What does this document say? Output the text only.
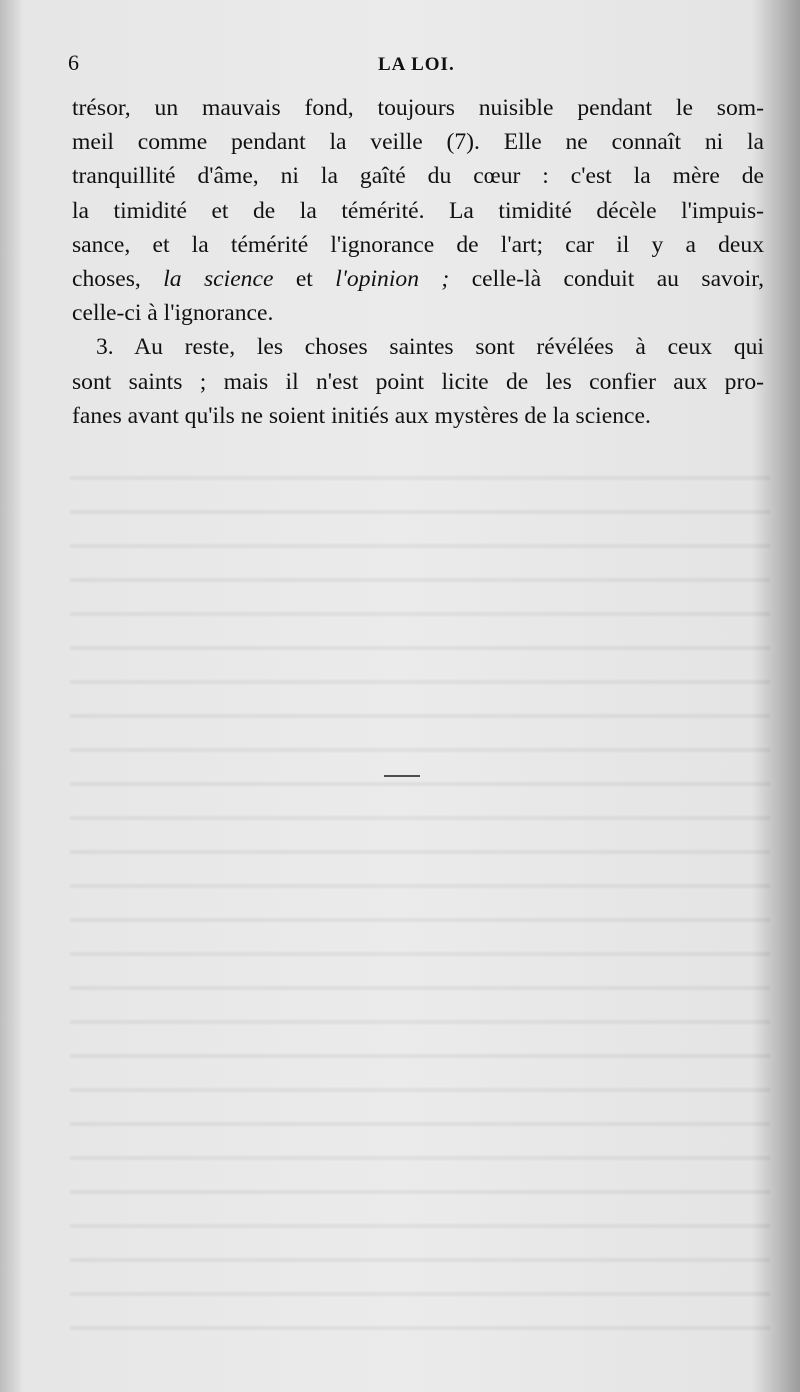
6	LA LOI.

trésor, un mauvais fond, toujours nuisible pendant le som-
meil comme pendant la veille (7). Elle ne connaît ni la
tranquillité d'âme, ni la gaîté du cœur : c'est la mère de
la timidité et de la témérité. La timidité décèle l'impuis-
sance, et la témérité l'ignorance de l'art; car il y a deux
choses, la science et l'opinion ; celle-là conduit au savoir,
celle-ci à l'ignorance.

3. Au reste, les choses saintes sont révélées à ceux qui
sont saints ; mais il n'est point licite de les confier aux pro-
fanes avant qu'ils ne soient initiés aux mystères de la science.
